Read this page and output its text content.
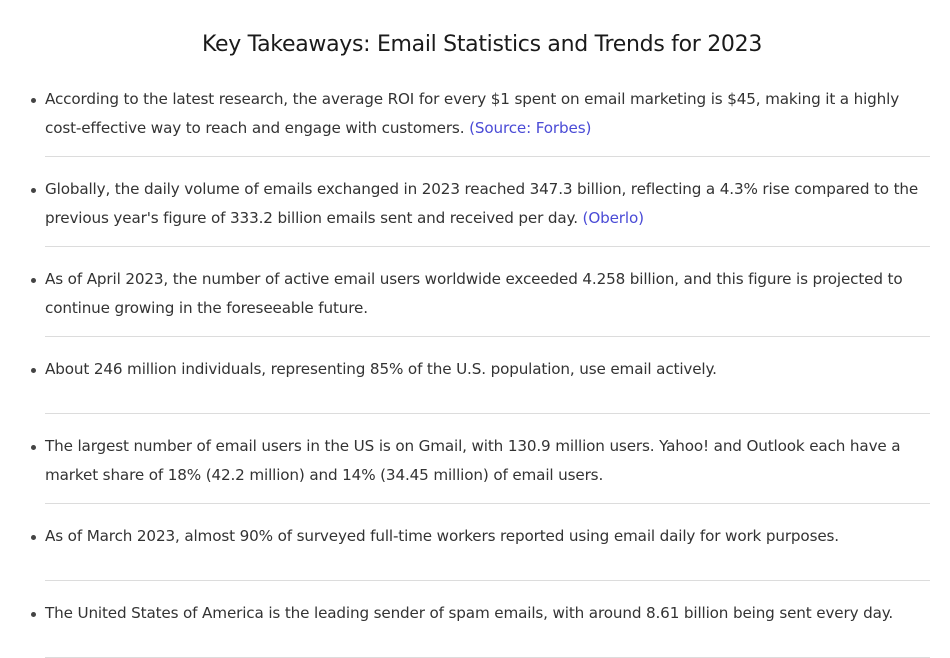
Key Takeaways: Email Statistics and Trends for 2023
According to the latest research, the average ROI for every $1 spent on email marketing is $45, making it a highly cost-effective way to reach and engage with customers. (Source: Forbes)
Globally, the daily volume of emails exchanged in 2023 reached 347.3 billion, reflecting a 4.3% rise compared to the previous year's figure of 333.2 billion emails sent and received per day. (Oberlo)
As of April 2023, the number of active email users worldwide exceeded 4.258 billion, and this figure is projected to continue growing in the foreseeable future.
About 246 million individuals, representing 85% of the U.S. population, use email actively.
The largest number of email users in the US is on Gmail, with 130.9 million users. Yahoo! and Outlook each have a market share of 18% (42.2 million) and 14% (34.45 million) of email users.
As of March 2023, almost 90% of surveyed full-time workers reported using email daily for work purposes.
The United States of America is the leading sender of spam emails, with around 8.61 billion being sent every day.
